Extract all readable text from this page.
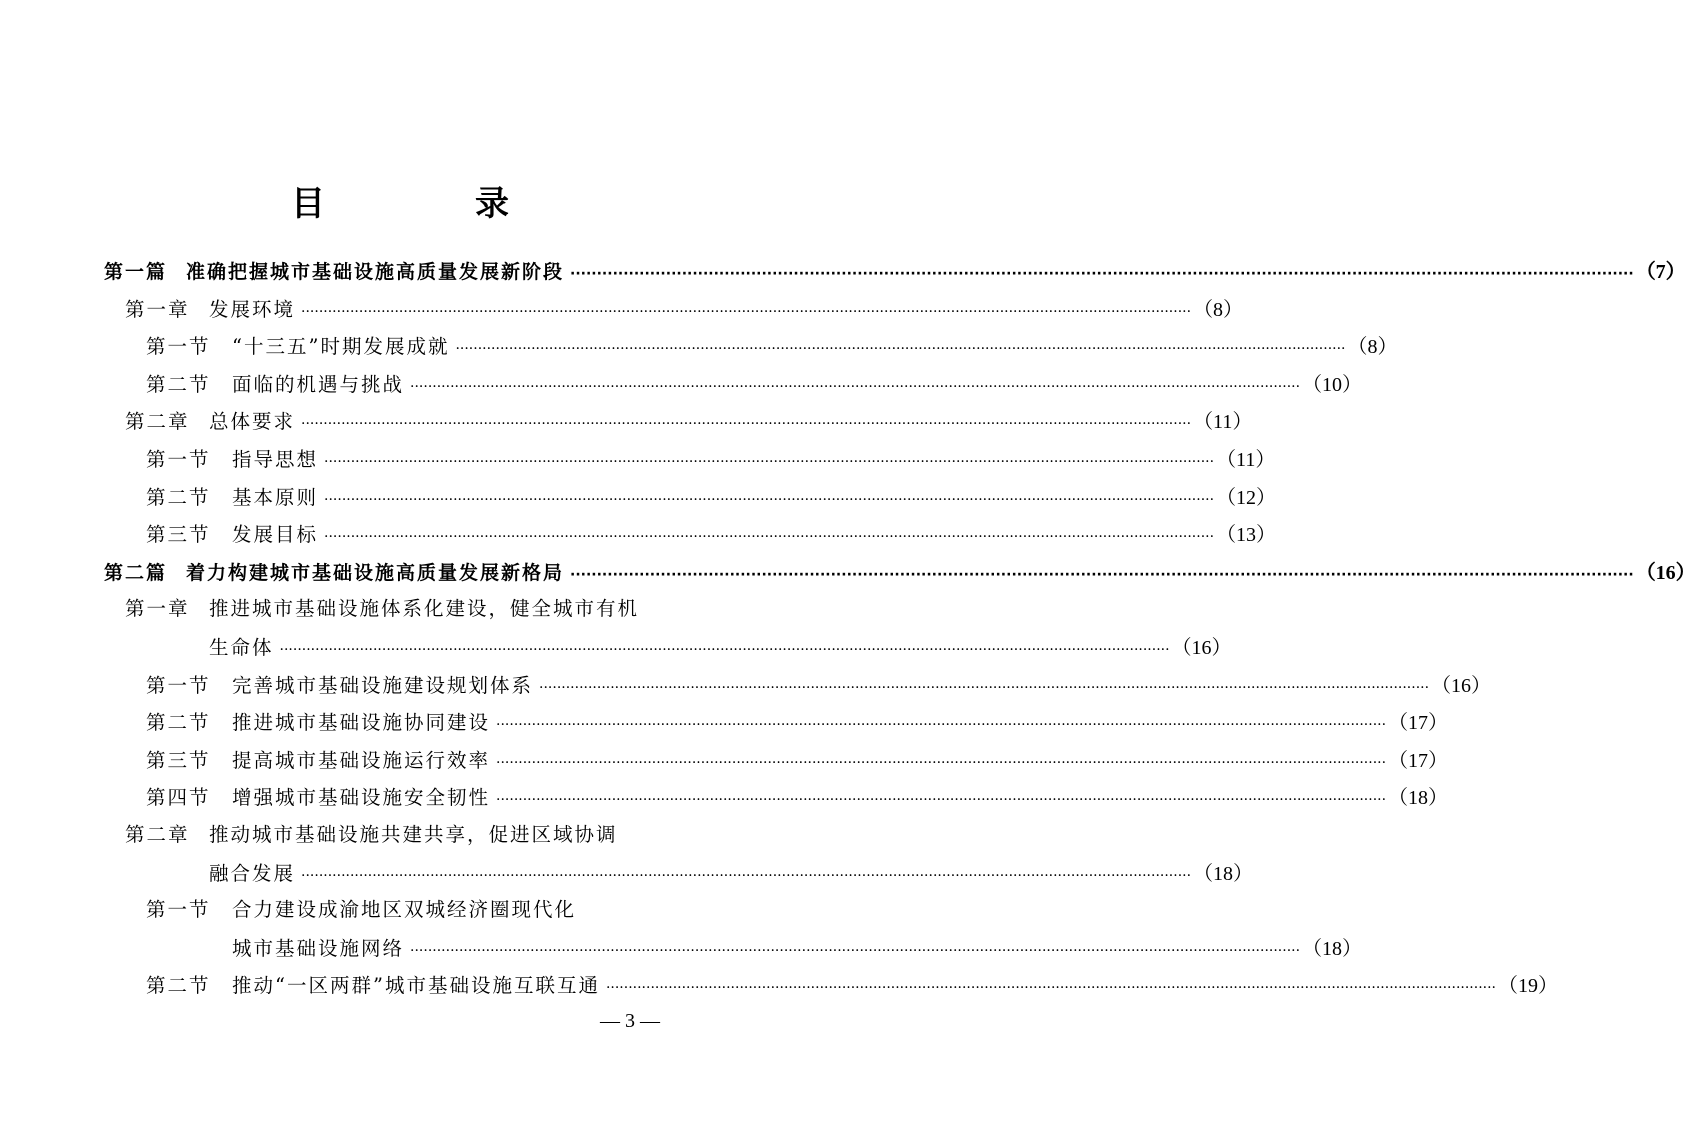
目　录
第一篇 准确把握城市基础设施高质量发展新阶段 ········································································································································································································ （7）
第一章 发展环境 ········································································································································································································ （8）
第一节 “十三五”时期发展成就 ········································································································································································································ （8）
第二节 面临的机遇与挑战 ········································································································································································································ （10）
第二章 总体要求 ········································································································································································································ （11）
第一节 指导思想 ········································································································································································································ （11）
第二节 基本原则 ········································································································································································································ （12）
第三节 发展目标 ········································································································································································································ （13）
第二篇 着力构建城市基础设施高质量发展新格局 ········································································································································································································ （16）
第一章 推进城市基础设施体系化建设，健全城市有机
生命体 ········································································································································································································ （16）
第一节 完善城市基础设施建设规划体系 ········································································································································································································ （16）
第二节 推进城市基础设施协同建设 ········································································································································································································ （17）
第三节 提高城市基础设施运行效率 ········································································································································································································ （17）
第四节 增强城市基础设施安全韧性 ········································································································································································································ （18）
第二章 推动城市基础设施共建共享，促进区域协调
融合发展 ········································································································································································································ （18）
第一节 合力建设成渝地区双城经济圈现代化
城市基础设施网络 ········································································································································································································ （18）
第二节 推动“一区两群”城市基础设施互联互通 ········································································································································································································ （19）
— 3 —
